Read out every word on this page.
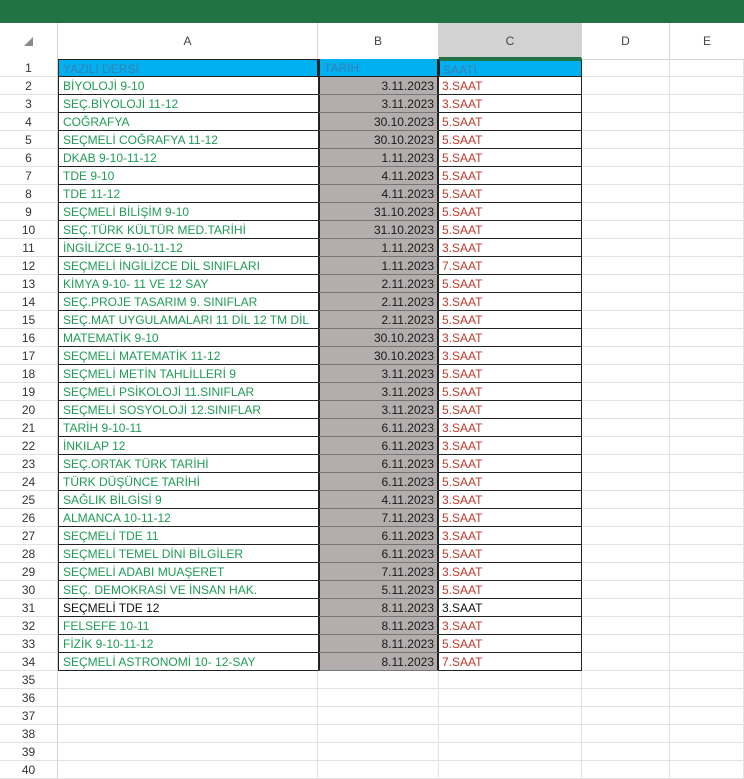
A	B	C	D	E
1	YAZILI DERSİ	TARİH	SAATİ
2	BİYOLOJİ 9-10	3.11.2023 3.SAAT
3	SEÇ.BİYOLOJİ 11-12	3.11.2023 3.SAAT
4	COĞRAFYA	30.10.2023 5.SAAT
5	SEÇMELİ COĞRAFYA 11-12	30.10.2023 5.SAAT
6	DKAB 9-10-11-12	1.11.2023 5.SAAT
7	TDE 9-10	4.11.2023 5.SAAT
8	TDE 11-12	4.11.2023 5.SAAT
9	SEÇMELİ BİLİŞİM 9-10	31.10.2023 5.SAAT
10	SEÇ.TÜRK KÜLTÜR MED.TARİHİ	31.10.2023 5.SAAT
11	İNGİLİZCE 9-10-11-12	1.11.2023 3.SAAT
12	SEÇMELİ İNGİLİZCE DİL SINIFLARI	1.11.2023 7.SAAT
13	KİMYA 9-10- 11 VE 12 SAY	2.11.2023 5.SAAT
14	SEÇ.PROJE TASARIM 9. SINIFLAR	2.11.2023 3.SAAT
15	SEÇ.MAT UYGULAMALARI 11 DİL 12 TM DİL	2.11.2023 5.SAAT
16	MATEMATİK 9-10	30.10.2023 3.SAAT
17	SEÇMELİ MATEMATİK 11-12	30.10.2023 3.SAAT
18	SEÇMELİ METİN TAHLİLLERİ 9	3.11.2023 5.SAAT
19	SEÇMELİ PSİKOLOJİ 11.SINIFLAR	3.11.2023 5.SAAT
20	SEÇMELİ SOSYOLOJİ 12.SINIFLAR	3.11.2023 5.SAAT
21	TARİH 9-10-11	6.11.2023 3.SAAT
22	İNKILAP 12	6.11.2023 3.SAAT
23	SEÇ.ORTAK TÜRK TARİHİ	6.11.2023 5.SAAT
24	TÜRK DÜŞÜNCE TARİHİ	6.11.2023 5.SAAT
25	SAĞLIK BİLGİSİ 9	4.11.2023 3.SAAT
26	ALMANCA 10-11-12	7.11.2023 5.SAAT
27	SEÇMELİ TDE 11	6.11.2023 3.SAAT
28	SEÇMELİ TEMEL DİNİ BİLGİLER	6.11.2023 5.SAAT
29	SEÇMELİ ADABI MUAŞERET	7.11.2023 3.SAAT
30	SEÇ. DEMOKRASİ VE İNSAN HAK.	5.11.2023 5.SAAT
31	SEÇMELİ TDE 12	8.11.2023 3.SAAT
32	FELSEFE 10-11	8.11.2023 3.SAAT
33	FİZİK 9-10-11-12	8.11.2023 5.SAAT
34	SEÇMELİ ASTRONOMİ 10- 12-SAY	8.11.2023 7.SAAT
35
36
37
38
39
40
